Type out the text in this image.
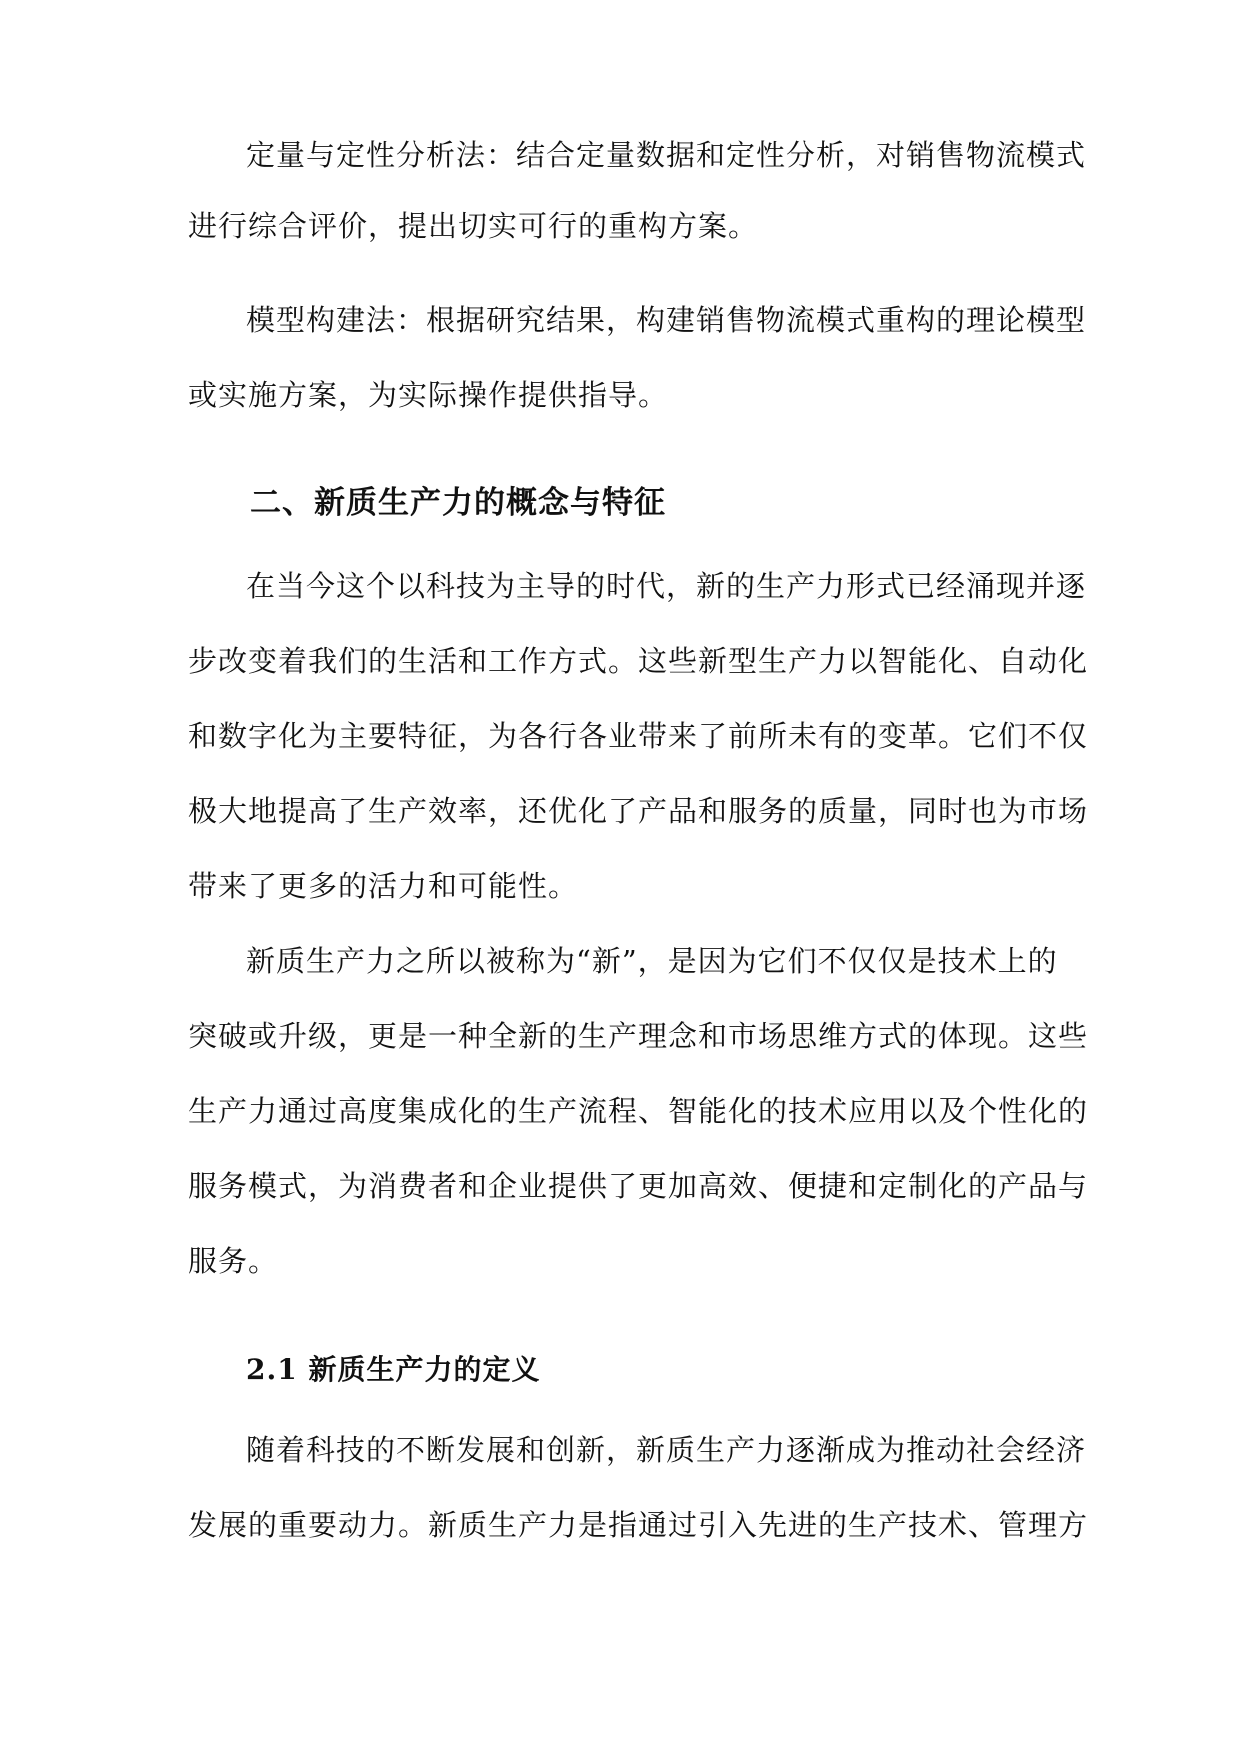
定量与定性分析法：结合定量数据和定性分析，对销售物流模式
进行综合评价，提出切实可行的重构方案。
模型构建法：根据研究结果，构建销售物流模式重构的理论模型
或实施方案，为实际操作提供指导。
二、新质生产力的概念与特征
在当今这个以科技为主导的时代，新的生产力形式已经涌现并逐
步改变着我们的生活和工作方式。这些新型生产力以智能化、自动化
和数字化为主要特征，为各行各业带来了前所未有的变革。它们不仅
极大地提高了生产效率，还优化了产品和服务的质量，同时也为市场
带来了更多的活力和可能性。
新质生产力之所以被称为“新”，是因为它们不仅仅是技术上的
突破或升级，更是一种全新的生产理念和市场思维方式的体现。这些
生产力通过高度集成化的生产流程、智能化的技术应用以及个性化的
服务模式，为消费者和企业提供了更加高效、便捷和定制化的产品与
服务。
2.1 新质生产力的定义
随着科技的不断发展和创新，新质生产力逐渐成为推动社会经济
发展的重要动力。新质生产力是指通过引入先进的生产技术、管理方
